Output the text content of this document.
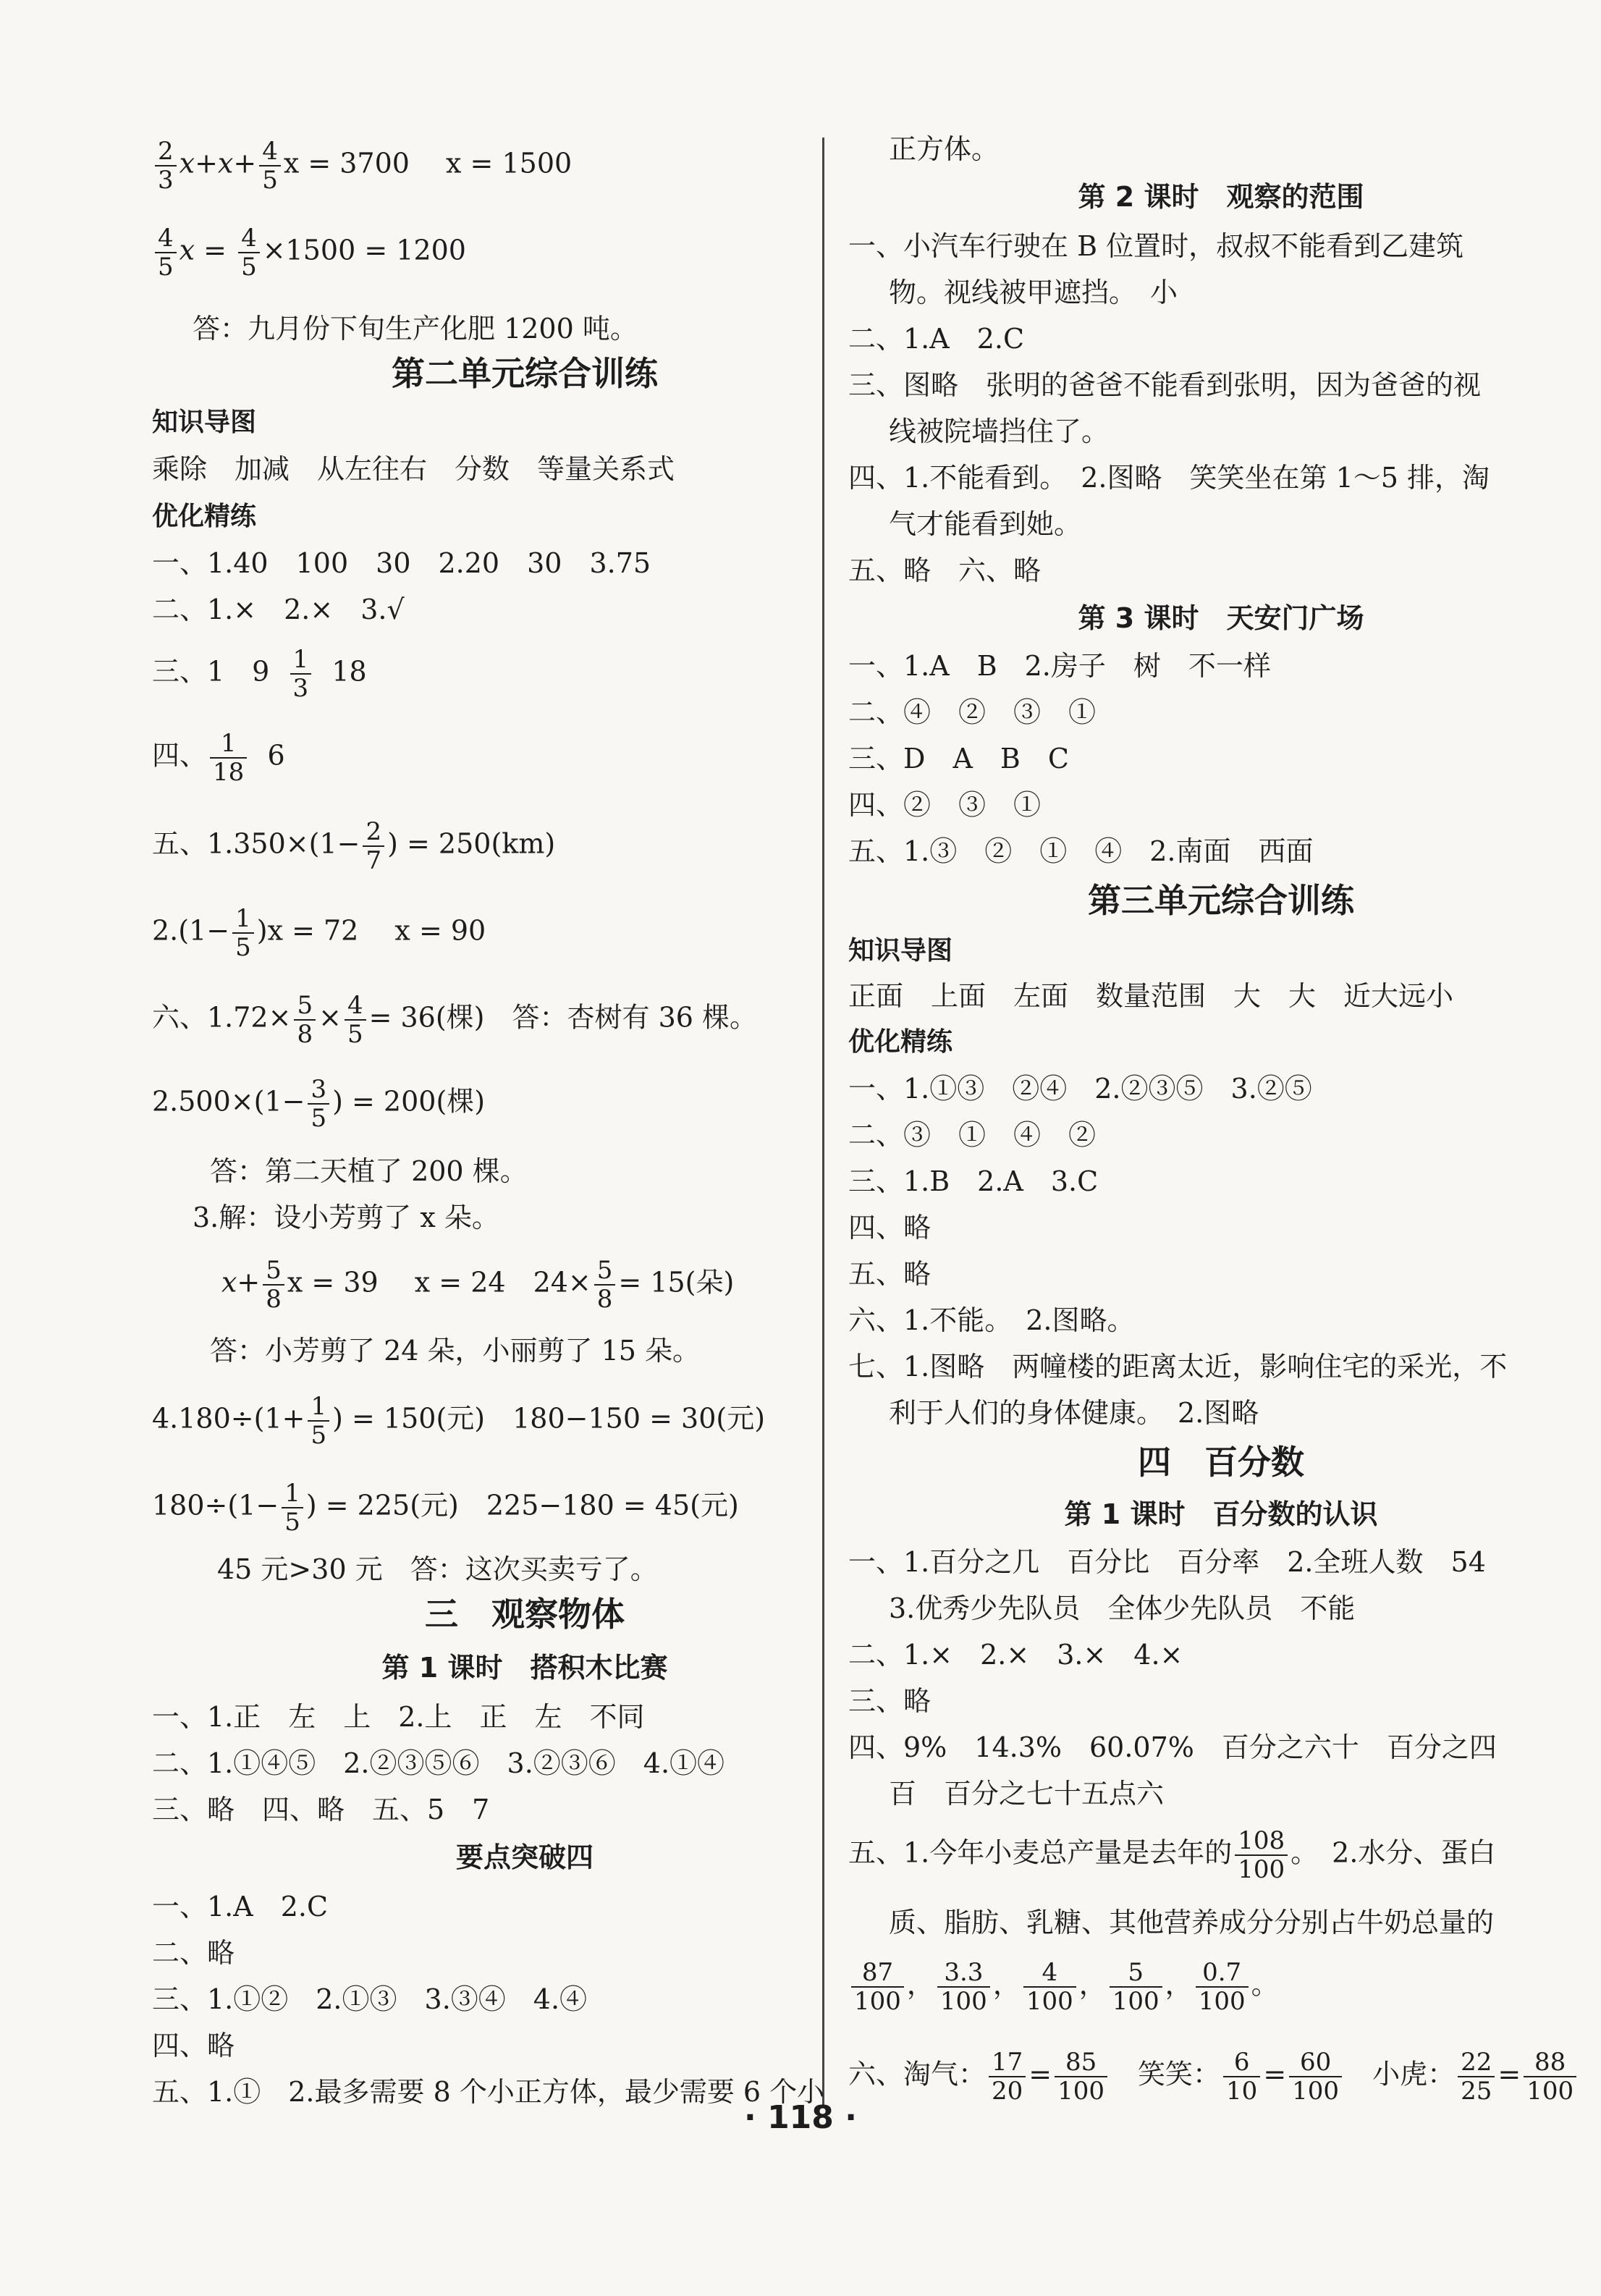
$\frac{2}{3} x+x+ \frac{4}{5}$ x = 3700　 x = 1500
$\frac{4}{5}$ $x = \frac{4}{5} \times 1500 = 1200$
答：九月份下旬生产化肥 1200 吨。
第二单元综合训练
知识导图
乘除　加减　从左往右　分数　等量关系式
优化精练
一、1.40　100　30　2.20　30　3.75
二、1.×　2.×　3.√
三、1　$9 \frac{1}{3} 18$
四、 $\frac{1}{18} 6$
五、$1.350\times(1- \frac{2}{7}$ ) = 250(km)
$2.(1- \frac{1}{5} )x = 72$　 x = 90
六、$1.72\times \frac{5}{8} \times \frac{4}{5} = 36$(棵)　答：杏树有 36 棵。
$2.500\times(1- \frac{3}{5}$ ) = 200(棵)
答：第二天植了 200 棵。
3.解：设小芳剪了 x 朵。
$x+ \frac{5}{8}$ x = 39　 x = 24　$24\times \frac{5}{8} = 15$(朵)
答：小芳剪了 24 朵，小丽剪了 15 朵。
$4.180\div(1+ \frac{1}{5}$ ) = 150(元)　180−150 = 30(元)
$180\div(1- \frac{1}{5}$ ) = 225(元)　225−180 = 45(元)
45 元>30 元　答：这次买卖亏了。
三　观察物体
第 1 课时　搭积木比赛
一、1.正　左　上　2.上　正　左　不同
二、1.①④⑤　2.②③⑤⑥　3.②③⑥　4.①④
三、略　四、略　五、5　7
要点突破四
一、1.A　2.C
二、略
三、1.①②　2.①③　3.③④　4.④
四、略
五、1.①　2.最多需要 8 个小正方体，最少需要 6 个小
正方体。
第 2 课时　观察的范围
一、小汽车行驶在 B 位置时，叔叔不能看到乙建筑
物。视线被甲遮挡。　小
二、1.A　2.C
三、图略　张明的爸爸不能看到张明，因为爸爸的视
线被院墙挡住了。
四、1.不能看到。　2.图略　笑笑坐在第 1～5 排，淘
气才能看到她。
五、略　六、略
第 3 课时　天安门广场
一、1.A　B　2.房子　树　不一样
二、④　②　③　①
三、D　A　B　C
四、②　③　①
五、1.③　②　①　④　2.南面　西面
第三单元综合训练
知识导图
正面　上面　左面　数量范围　大　大　近大远小
优化精练
一、1.①③　②④　2.②③⑤　3.②⑤
二、③　①　④　②
三、1.B　2.A　3.C
四、略
五、略
六、1.不能。　2.图略。
七、1.图略　两幢楼的距离太近，影响住宅的采光，不
利于人们的身体健康。　2.图略
四　百分数
第 1 课时　百分数的认识
一、1.百分之几　百分比　百分率　2.全班人数　54
3.优秀少先队员　全体少先队员　不能
二、1.×　2.×　3.×　4.×
三、略
四、9%　14.3%　60.07%　百分之六十　百分之四
百　百分之七十五点六
五、1.今年小麦总产量是去年的 $\frac{108}{100}$ 。　2.水分、蛋白
质、脂肪、乳糖、其他营养成分分别占牛奶总量的
$\frac{87}{100}$ ， $\frac{3.3}{100}$ ， $\frac{4}{100}$ ， $\frac{5}{100}$ ， $\frac{0.7}{100}$ 。
六、淘气： $\frac{17}{20} = \frac{85}{100}$ 　笑笑： $\frac{6}{10} = \frac{60}{100}$ 　小虎： $\frac{22}{25} = \frac{88}{100}$
· 118 ·
